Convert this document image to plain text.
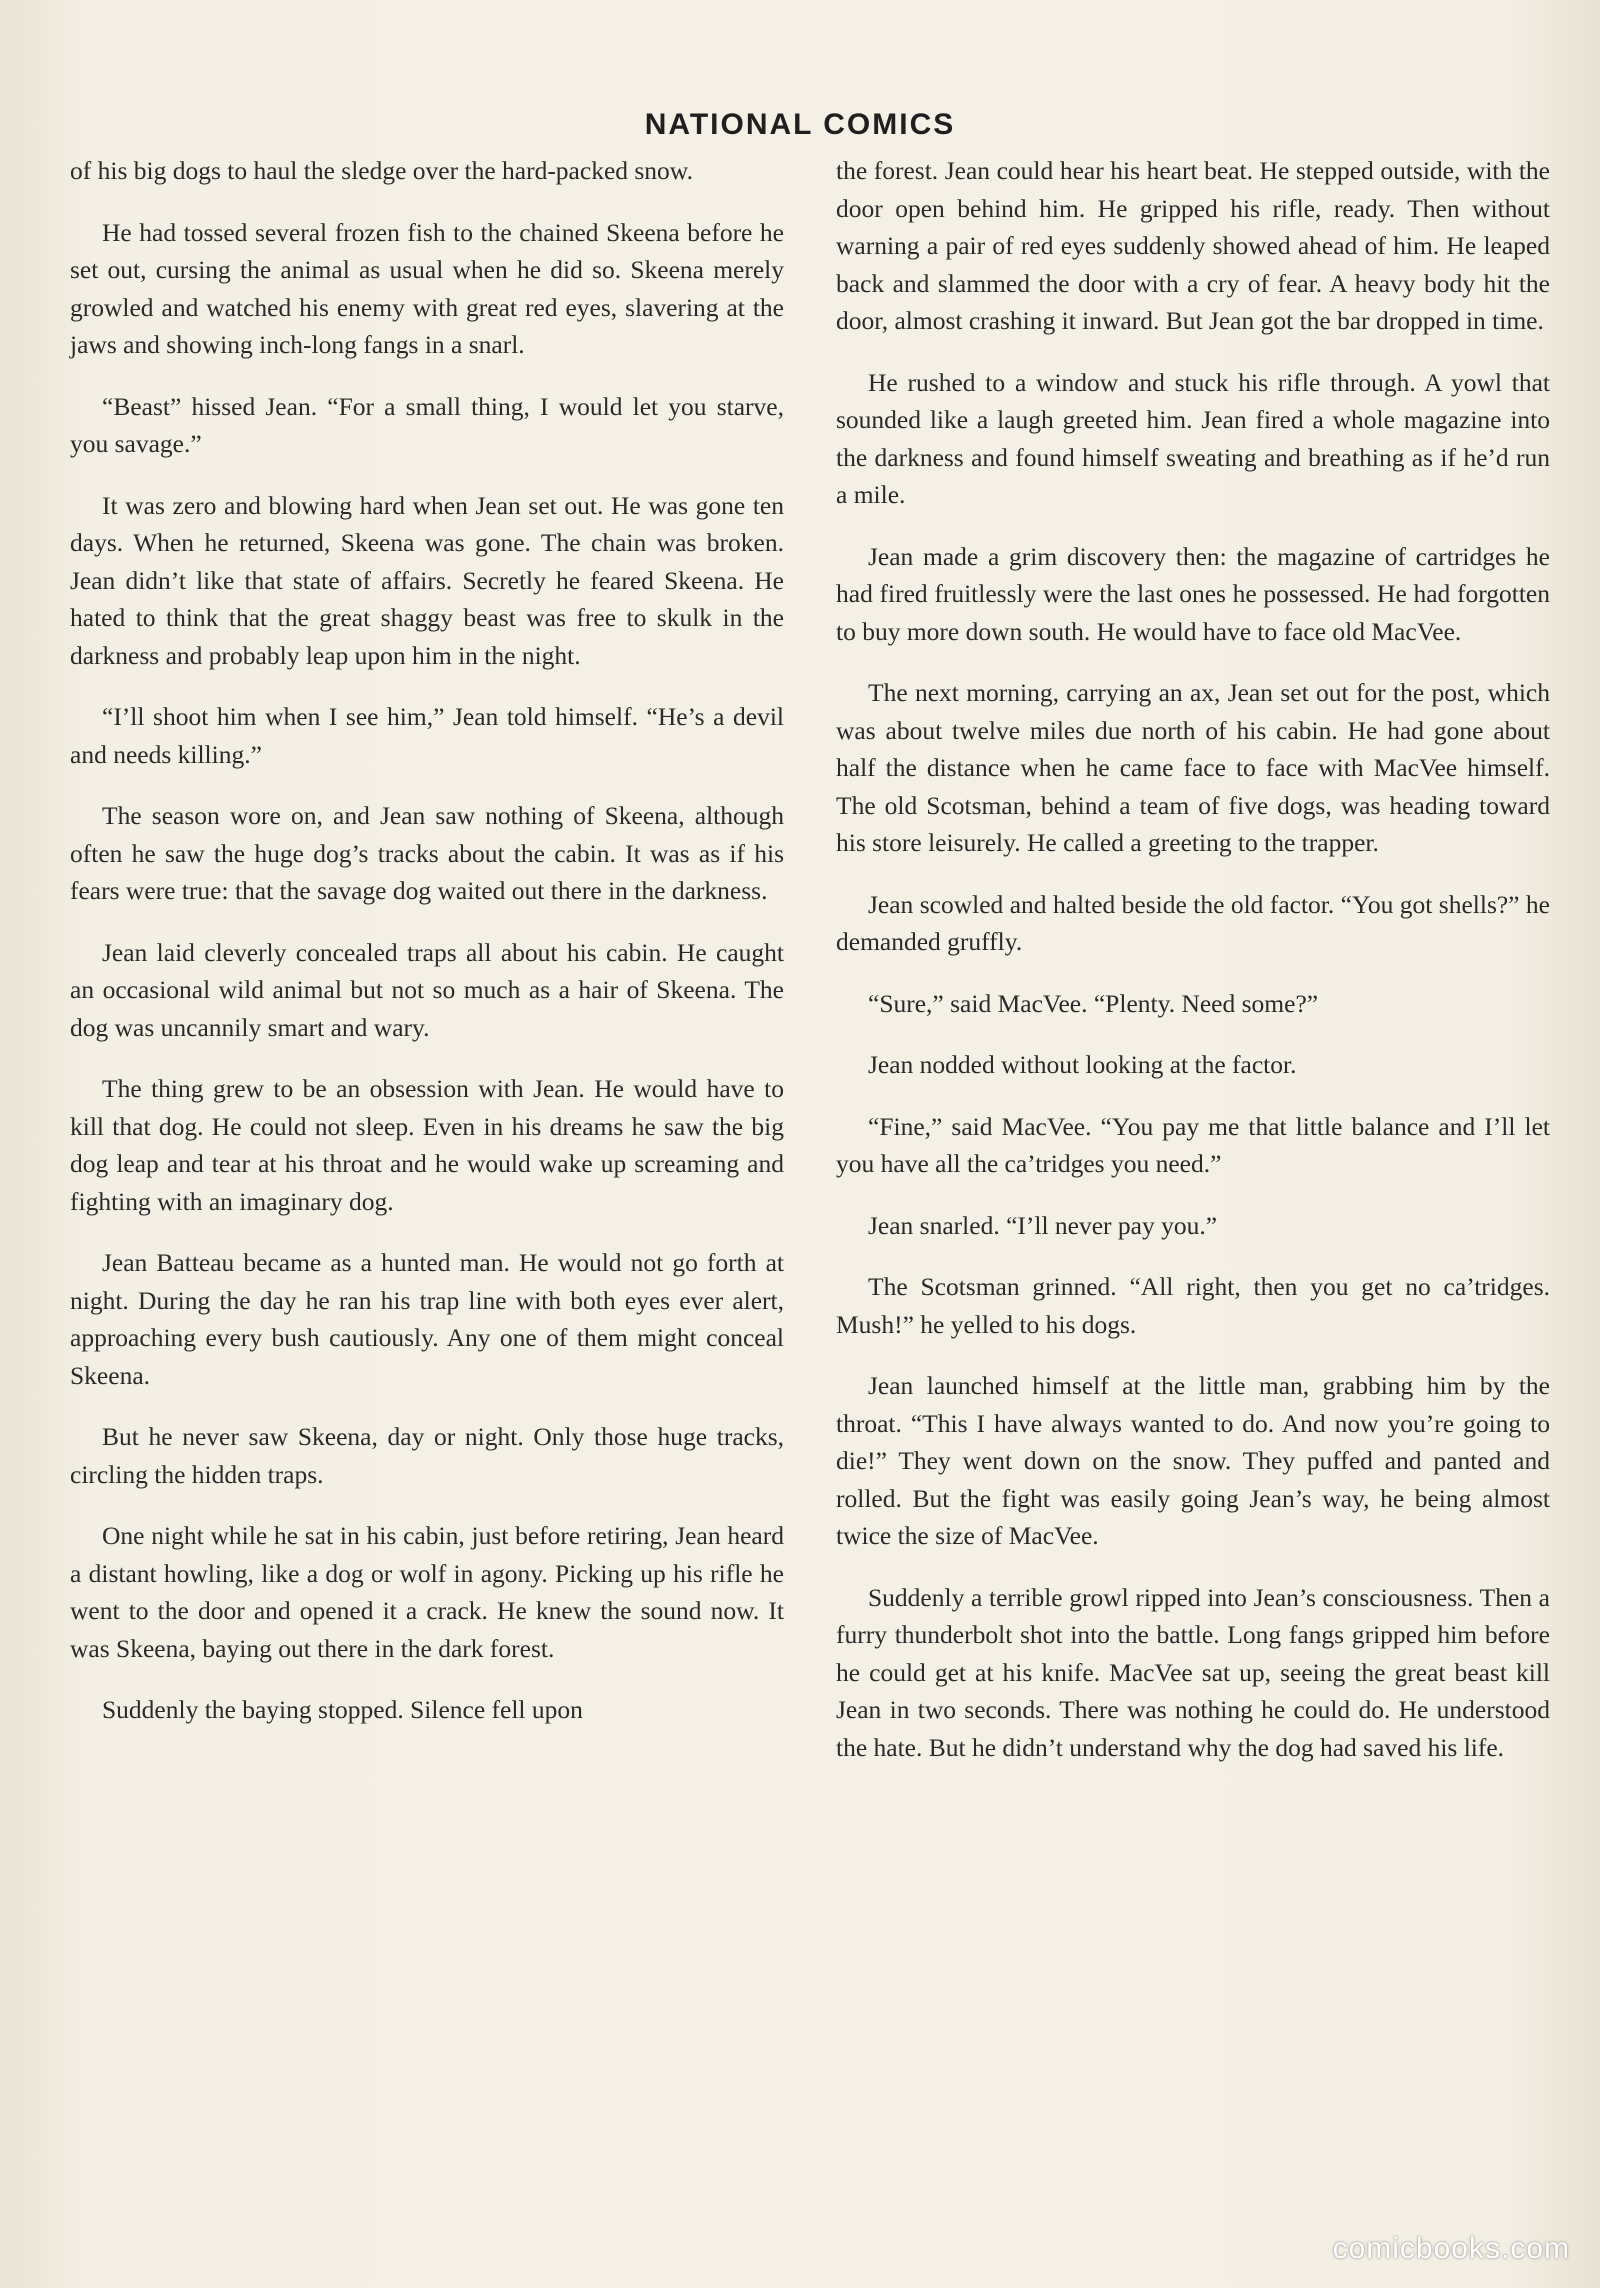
NATIONAL COMICS

of his big dogs to haul the sledge over the hard-packed snow.

He had tossed several frozen fish to the chained Skeena before he set out, cursing the animal as usual when he did so. Skeena merely growled and watched his enemy with great red eyes, slavering at the jaws and showing inch-long fangs in a snarl.

“Beast” hissed Jean. “For a small thing, I would let you starve, you savage.”

It was zero and blowing hard when Jean set out. He was gone ten days. When he returned, Skeena was gone. The chain was broken. Jean didn’t like that state of affairs. Secretly he feared Skeena. He hated to think that the great shaggy beast was free to skulk in the darkness and probably leap upon him in the night.

“I’ll shoot him when I see him,” Jean told himself. “He’s a devil and needs killing.”

The season wore on, and Jean saw nothing of Skeena, although often he saw the huge dog’s tracks about the cabin. It was as if his fears were true: that the savage dog waited out there in the darkness.

Jean laid cleverly concealed traps all about his cabin. He caught an occasional wild animal but not so much as a hair of Skeena. The dog was uncannily smart and wary.

The thing grew to be an obsession with Jean. He would have to kill that dog. He could not sleep. Even in his dreams he saw the big dog leap and tear at his throat and he would wake up screaming and fighting with an imaginary dog.

Jean Batteau became as a hunted man. He would not go forth at night. During the day he ran his trap line with both eyes ever alert, approaching every bush cautiously. Any one of them might conceal Skeena.

But he never saw Skeena, day or night. Only those huge tracks, circling the hidden traps.

One night while he sat in his cabin, just before retiring, Jean heard a distant howling, like a dog or wolf in agony. Picking up his rifle he went to the door and opened it a crack. He knew the sound now. It was Skeena, baying out there in the dark forest.

Suddenly the baying stopped. Silence fell upon

the forest. Jean could hear his heart beat. He stepped outside, with the door open behind him. He gripped his rifle, ready. Then without warning a pair of red eyes suddenly showed ahead of him. He leaped back and slammed the door with a cry of fear. A heavy body hit the door, almost crashing it inward. But Jean got the bar dropped in time.

He rushed to a window and stuck his rifle through. A yowl that sounded like a laugh greeted him. Jean fired a whole magazine into the darkness and found himself sweating and breathing as if he’d run a mile.

Jean made a grim discovery then: the magazine of cartridges he had fired fruitlessly were the last ones he possessed. He had forgotten to buy more down south. He would have to face old MacVee.

The next morning, carrying an ax, Jean set out for the post, which was about twelve miles due north of his cabin. He had gone about half the distance when he came face to face with MacVee himself. The old Scotsman, behind a team of five dogs, was heading toward his store leisurely. He called a greeting to the trapper.

Jean scowled and halted beside the old factor. “You got shells?” he demanded gruffly.

“Sure,” said MacVee. “Plenty. Need some?”

Jean nodded without looking at the factor.

“Fine,” said MacVee. “You pay me that little balance and I’ll let you have all the ca’tridges you need.”

Jean snarled. “I’ll never pay you.”

The Scotsman grinned. “All right, then you get no ca’tridges. Mush!” he yelled to his dogs.

Jean launched himself at the little man, grabbing him by the throat. “This I have always wanted to do. And now you’re going to die!” They went down on the snow. They puffed and panted and rolled. But the fight was easily going Jean’s way, he being almost twice the size of MacVee.

Suddenly a terrible growl ripped into Jean’s consciousness. Then a furry thunderbolt shot into the battle. Long fangs gripped him before he could get at his knife. MacVee sat up, seeing the great beast kill Jean in two seconds. There was nothing he could do. He understood the hate. But he didn’t understand why the dog had saved his life.

comicbooks.com
